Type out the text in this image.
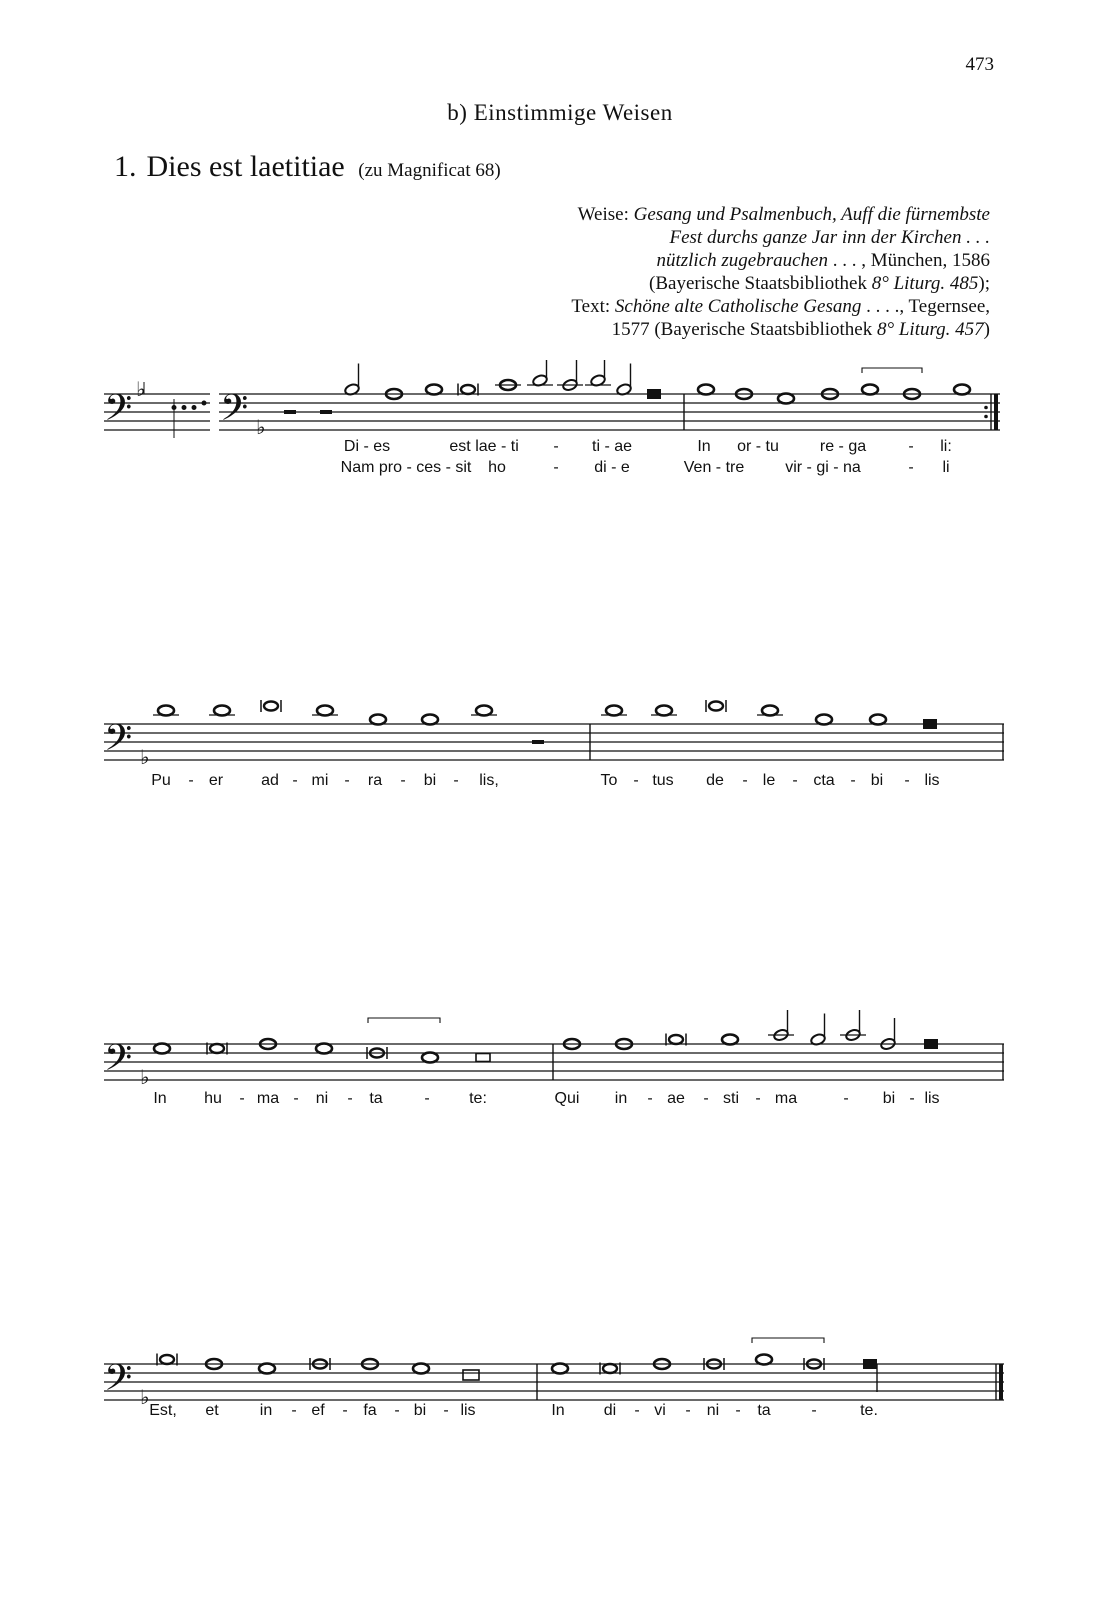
473
b) Einstimmige Weisen
1. Dies est laetitiae (zu Magnificat 68)
Weise: Gesang und Psalmenbuch, Auff die fürnembste
Fest durchs ganze Jar inn der Kirchen . . .
nützlich zugebrauchen . . . , München, 1586
(Bayerische Staatsbibliothek 8° Liturg. 485);
Text: Schöne alte Catholische Gesang . . . ., Tegernsee,
1577 (Bayerische Staatsbibliothek 8° Liturg. 457)
𝄢 ♭ 𝄢 ♭
Di - es	est lae - ti - ti - ae	In or - tu	re - ga	- li:
Nam pro - ces - sit ho	- di - e	Ven - tre	vir - gi - na	- li
𝄢 ♭
Pu - er ad - mi - ra - bi - lis,	To - tus de - le - cta - bi - lis
𝄢 ♭
In hu - ma - ni - ta	- te:	Qui in - ae - sti - ma	- bi - lis
𝄢 ♭
Est, et	in - ef - fa - bi - lis	In di - vi - ni - ta	-	te.
